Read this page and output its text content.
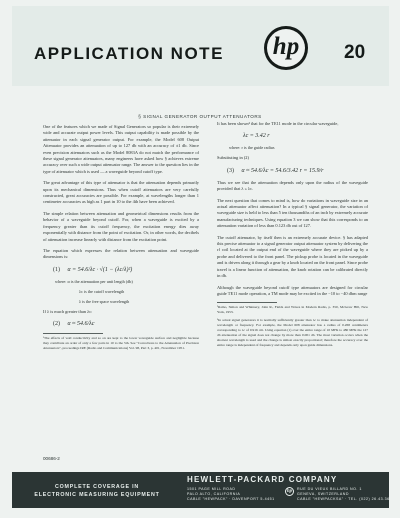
APPLICATION NOTE hp	20
§ SIGNAL GENERATOR OUTPUT ATTENUATORS

One of the features which we made of Signal Generators so popular is their extremely wide and accurate output power levels. This output capability is made possible by the attenuator in each signal generator output. For example, the Model 608 Output Attenuator provides an attenuation of up to 127 db with an accuracy of ±1 db. Since even precision attenuators such as the Model 8083A do not match the performance of these signal generator attenuators, many engineers have asked how § achieves extreme accuracy over such a wide output attenuator range. The answer to the question lies in the type of attenuator which is used — a waveguide beyond cutoff type.

The great advantage of this type of attenuator is that the attenuation depends primarily upon its mechanical dimensions. Thus when cutoff attenuators are very carefully constructed, great accuracies are possible. For example, at wavelengths longer than 1 centimeter accuracies as high as 1 part in 10 to the 4th have been achieved.

The simple relation between attenuation and geometrical dimensions results from the behavior of a waveguide beyond cutoff. For, when a waveguide is excited by a frequency greater than its cutoff frequency, the excitation energy dies away exponentially with distance from the point of excitation. Or, in other words, the decibels of attenuation increase linearly with distance from the excitation point.

The equation which expresses the relation between attenuation and waveguide dimensions is:

(1) α = 54.6/λc · √(1 − (λc/λ)²)
where: α is the attenuation per unit length (db)
λc is the cutoff wavelength
λ is the free space wavelength

If λ is much greater than λc:

(2) α ≈ 54.6/λc

¹The effects of wall conductivity and so on are kept to the lower waveguide surface and negligible because they contribute an order of only a few parts in 10 to the 5th. See "Corrections to the Attenuation of Precision Attenuators", proceedings IRE (Radio and Communications) Vol. 98, Part 3, p. 401, November 1951.

It has been shown² that for the TE11 mode in the circular waveguide,

λc = 3.42 r
where: r is the guide radius

Substituting in (2)

(3) α ≈ 54.6/λc = 54.6/3.42 r = 15.9/r

Thus we see that the attenuation depends only upon the radius of the waveguide provided that λ » λc.

The next question that comes to mind is, how do variations in waveguide size in an actual attenuator affect attenuation? In a typical § signal generator, the variation of waveguide size is held to less than 5 ten thousandths of an inch by extremely accurate manufacturing techniques. Using equation 3 we can show that this corresponds to an attenuation variation of less than 0.123 db out of 127.

The cutoff attenuator, by itself then is an extremely accurate device. § has adapted this precise attenuator to a signal generator output attenuator system by delivering the rf coil located at the output end of the waveguide where they are picked up by a probe and delivered to the front panel. The pickup probe is located in the waveguide and is driven along it through a gear by a knob located on the front panel. Since probe travel is a linear function of attenuation, the knob rotation can be calibrated directly in db.

Although the waveguide beyond cutoff type attenuators are designed for circular guide TE11 mode operation, a TM mode may be excited in the −10 to −40 dbm range

²Ramo, Simon and Whinnery, John R., Fields and Waves in Modern Radio, p. 350, McGraw Hill, New York, 1953.

³In actual signal generators it is normally sufficiently greater than λc to make attenuation independent of wavelength or frequency. For example, the Model 608 attenuator has a radius of 0.268 centimeters corresponding to λc of 0.916 cm. Using equation (1) over the entire range of 10 MHz to 480 MHz the 127 db attenuation of the signal does not change by more than 0.001 db. The most variation occurs when the shortest wavelength is used and the change is almost exactly proportional; therefore the accuracy over the entire range is independent of frequency and depends only upon guide dimensions.

00686-2
COMPLETE COVERAGE IN
ELECTRONIC MEASURING EQUIPMENT
HEWLETT-PACKARD COMPANY
1501 PAGE MILL ROAD
PALO ALTO, CALIFORNIA
CABLE "HEWPACK" · DAVENPORT 5-4451
hp	RUE DU VIEUX BILLARD NO. 1
GENEVA, SWITZERLAND
CABLE "HEWPACKSA" · TEL. (022) 26.43.36
